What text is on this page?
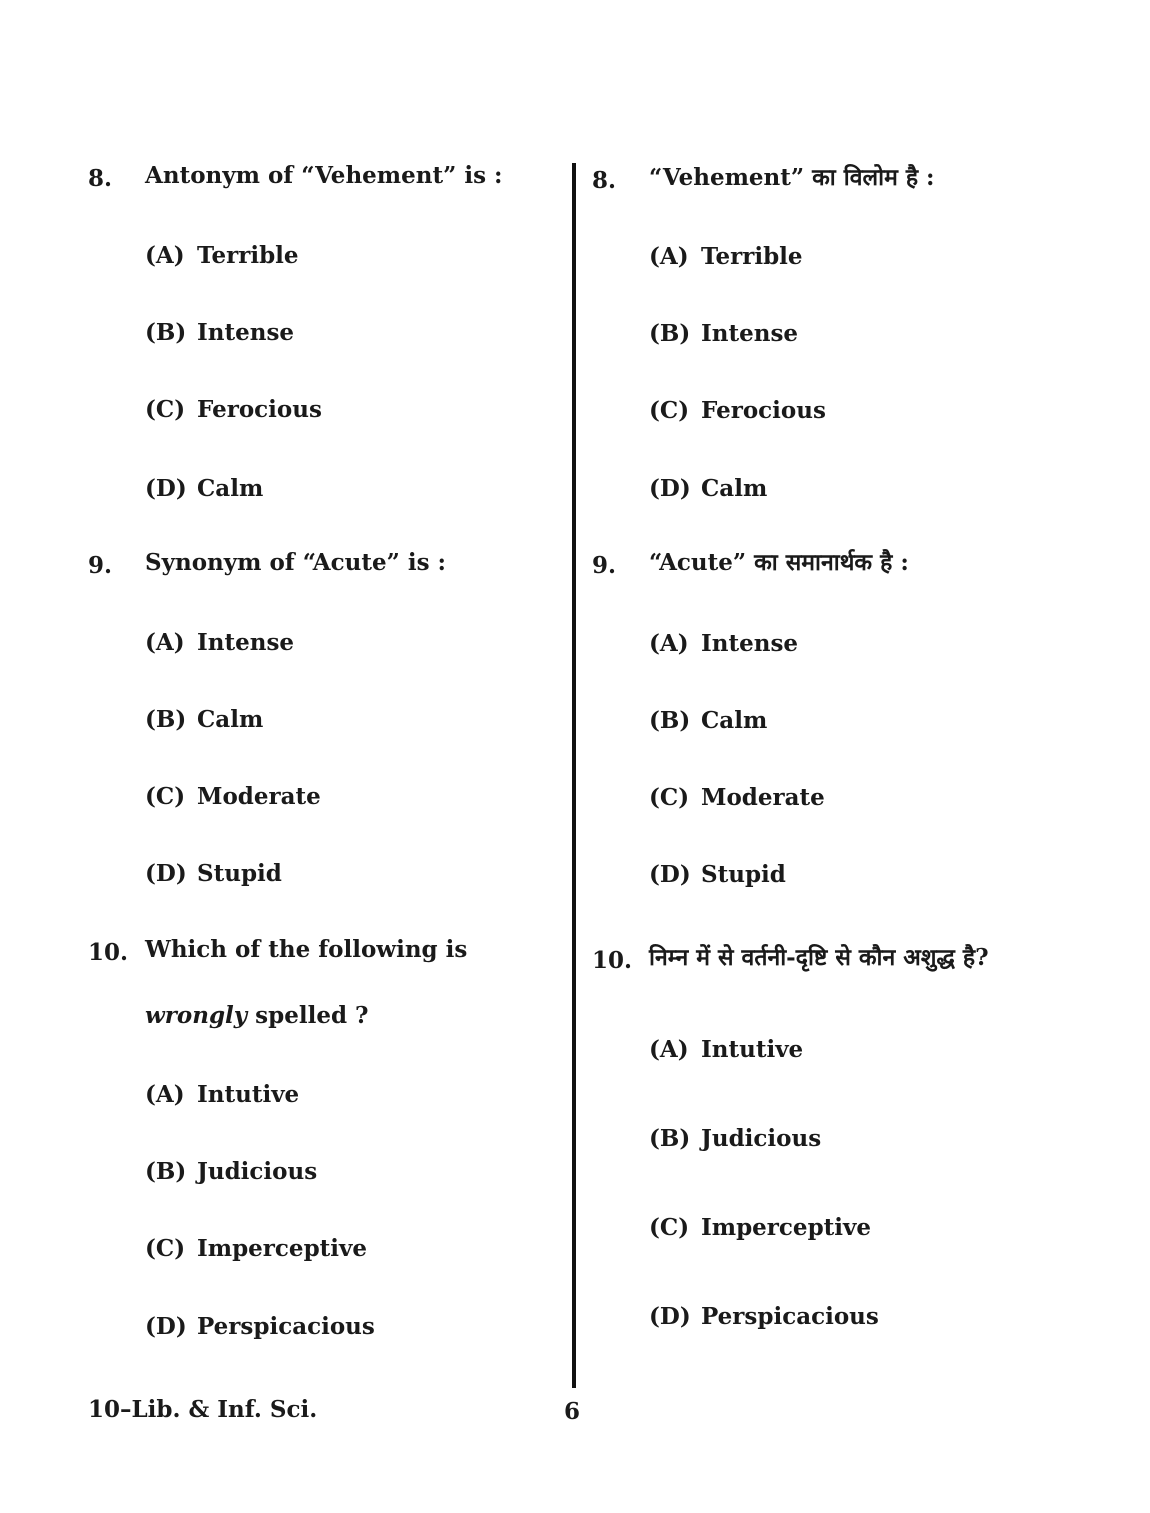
8. Antonym of “Vehement” is :
(A) Terrible
(B) Intense
(C) Ferocious
(D) Calm
9. Synonym of “Acute” is :
(A) Intense
(B) Calm
(C) Moderate
(D) Stupid
10. Which of the following is wrongly spelled ?
(A) Intutive
(B) Judicious
(C) Imperceptive
(D) Perspicacious
8. “Vehement” का विलोम है :
(A) Terrible
(B) Intense
(C) Ferocious
(D) Calm
9. “Acute” का समानार्थक है :
(A) Intense
(B) Calm
(C) Moderate
(D) Stupid
10. निम्न में से वर्तनी-दृष्टि से कौन अशुद्ध है?
(A) Intutive
(B) Judicious
(C) Imperceptive
(D) Perspicacious
10–Lib. & Inf. Sci.	6
